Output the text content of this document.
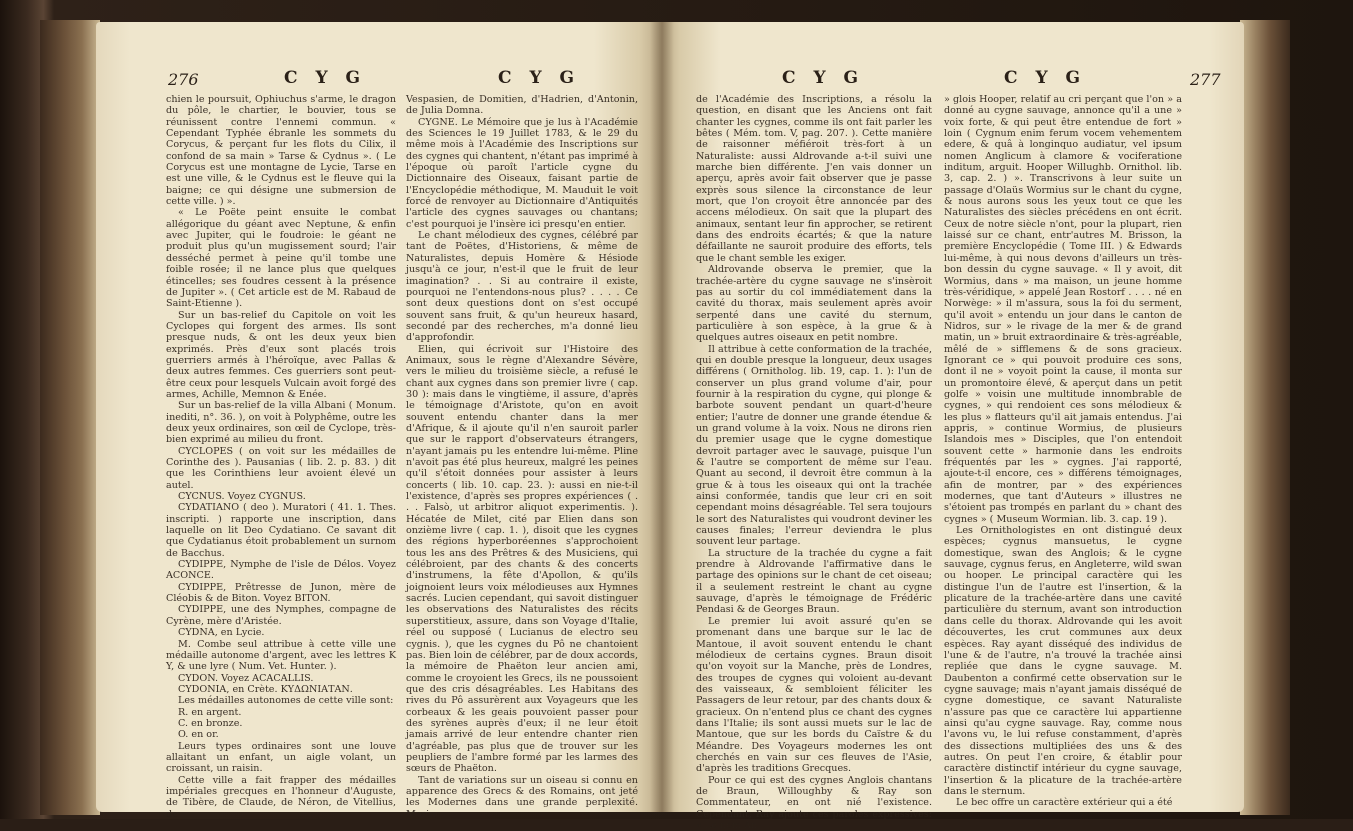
276	C Y G	C Y G

chien le poursuit, Ophiuchus s'arme, le dragon du pôle, le chartier, le bouvier, tous se réunissent contre l'ennemi commun. « Cependant Typhée ébranle les sommets du Corycus, & perçant fur les flots du Cilix, il confond de sa main » Tarse & Cydnus ». ( Le Corycus est une montagne de Lycie, Tarse en est une ville, & le Cydnus est le fleuve qui la baigne; ce qui désigne une submersion de cette ville. ) ».

« Le Poëte peint ensuite le combat allégorique du géant avec Neptune, & enfin avec Jupiter, qui le foudroie: le géant ne produit plus qu'un mugissement sourd; l'air desséché permet à peine qu'il tombe une foible rosée; il ne lance plus que quelques étincelles; ses foudres cessent à la présence de Jupiter ». ( Cet article est de M. Rabaud de Saint-Etienne ).

Sur un bas-relief du Capitole on voit les Cyclopes qui forgent des armes. Ils sont presque nuds, & ont les deux yeux bien exprimés. Près d'eux sont placés trois guerriers armés à l'héroïque, avec Pallas & deux autres femmes. Ces guerriers sont peut-être ceux pour lesquels Vulcain avoit forgé des armes, Achille, Memnon & Enée.

Sur un bas-relief de la villa Albani ( Monum. inediti, n°. 36. ), on voit à Polyphême, outre les deux yeux ordinaires, son œil de Cyclope, très-bien exprimé au milieu du front.

CYCLOPES ( on voit sur les médailles de Corinthe des ). Pausanias ( lib. 2. p. 83. ) dit que les Corinthiens leur avoient élevé un autel.

CYCNUS. Voyez CYGNUS.

CYDATIANO ( deo ). Muratori ( 41. 1. Thes. inscripti. ) rapporte une inscription, dans laquelle on lit Deo Cydatiano. Ce savant dit que Cydatianus étoit probablement un surnom de Bacchus.

CYDIPPE, Nymphe de l'isle de Délos. Voyez ACONCE.

CYDIPPE, Prêtresse de Junon, mère de Cléobis & de Biton. Voyez BITON.

CYDIPPE, une des Nymphes, compagne de Cyrène, mère d'Aristée.

CYDNA, en Lycie.

M. Combe seul attribue à cette ville une médaille autonome d'argent, avec les lettres K Y, & une lyre ( Num. Vet. Hunter. ).

CYDON. Voyez ACACALLIS.

CYDONIA, en Crète. ΚΥΔΩΝΙΑΤΑΝ.

Les médailles autonomes de cette ville sont:

R. en argent.

C. en bronze.

O. en or.

Leurs types ordinaires sont une louve allaitant un enfant, un aigle volant, un croissant, un raisin.

Cette ville a fait frapper des médailles impériales grecques en l'honneur d'Auguste, de Tibère, de Claude, de Néron, de Vitellius, de

Vespasien, de Domitien, d'Hadrien, d'Antonin, de Julia Domna.

CYGNE. Le Mémoire que je lus à l'Académie des Sciences le 19 Juillet 1783, & le 29 du même mois à l'Académie des Inscriptions sur des cygnes qui chantent, n'étant pas imprimé à l'époque où paroît l'article cygne du Dictionnaire des Oiseaux, faisant partie de l'Encyclopédie méthodique, M. Mauduit le voit forcé de renvoyer au Dictionnaire d'Antiquités l'article des cygnes sauvages ou chantans; c'est pourquoi je l'insère ici presqu'en entier.

Le chant mélodieux des cygnes, célébré par tant de Poëtes, d'Historiens, & même de Naturalistes, depuis Homère & Hésiode jusqu'à ce jour, n'est-il que le fruit de leur imagination? . . Si au contraire il existe, pourquoi ne l'entendons-nous plus? . . . . Ce sont deux questions dont on s'est occupé souvent sans fruit, & qu'un heureux hasard, secondé par des recherches, m'a donné lieu d'approfondir.

Elien, qui écrivoit sur l'Histoire des Animaux, sous le règne d'Alexandre Sévère, vers le milieu du troisième siècle, a refusé le chant aux cygnes dans son premier livre ( cap. 30 ): mais dans le vingtième, il assure, d'après le témoignage d'Aristote, qu'on en avoit souvent entendu chanter dans la mer d'Afrique, & il ajoute qu'il n'en sauroit parler que sur le rapport d'observateurs étrangers, n'ayant jamais pu les entendre lui-même. Pline n'avoit pas été plus heureux, malgré les peines qu'il s'étoit données pour assister à leurs concerts ( lib. 10. cap. 23. ): aussi en nie-t-il l'existence, d'après ses propres expériences ( . . . Falsò, ut arbitror aliquot experimentis. ). Hécatée de Milet, cité par Elien dans son onzième livre ( cap. 1. ), disoit que les cygnes des régions hyperboréennes s'approchoient tous les ans des Prêtres & des Musiciens, qui célébroient, par des chants & des concerts d'instrumens, la fête d'Apollon, & qu'ils joignoient leurs voix mélodieuses aux Hymnes sacrés. Lucien cependant, qui savoit distinguer les observations des Naturalistes des récits superstitieux, assure, dans son Voyage d'Italie, réel ou supposé ( Lucianus de electro seu cygnis. ), que les cygnes du Pô ne chantoient pas. Bien loin de célébrer, par de doux accords, la mémoire de Phaëton leur ancien ami, comme le croyoient les Grecs, ils ne poussoient que des cris désagréables. Les Habitans des rives du Pô assurèrent aux Voyageurs que les corbeaux & les geais pouvoient passer pour des syrènes auprès d'eux; il ne leur étoit jamais arrivé de leur entendre chanter rien d'agréable, pas plus que de trouver sur les peupliers de l'ambre formé par les larmes des sœurs de Phaëton.

Tant de variations sur un oiseau si connu en apparence des Grecs & des Romains, ont jeté les Modernes dans une grande perplexité. Morin,

C Y G	C Y G	277

de l'Académie des Inscriptions, a résolu la question, en disant que les Anciens ont fait chanter les cygnes, comme ils ont fait parler les bêtes ( Mém. tom. V, pag. 207. ). Cette manière de raisonner méfiéroit très-fort à un Naturaliste: aussi Aldrovande a-t-il suivi une marche bien différente. J'en vais donner un aperçu, après avoir fait observer que je passe exprès sous silence la circonstance de leur mort, que l'on croyoit être annoncée par des accens mélodieux. On sait que la plupart des animaux, sentant leur fin approcher, se retirent dans des endroits écartés; & que la nature défaillante ne sauroit produire des efforts, tels que le chant semble les exiger.

Aldrovande observa le premier, que la trachée-artère du cygne sauvage ne s'insèroit pas au sortir du col immédiatement dans la cavité du thorax, mais seulement après avoir serpenté dans une cavité du sternum, particulière à son espèce, à la grue & à quelques autres oiseaux en petit nombre.

Il attribue à cette conformation de la trachée, qui en double presque la longueur, deux usages différens ( Ornitholog. lib. 19, cap. 1. ): l'un de conserver un plus grand volume d'air, pour fournir à la respiration du cygne, qui plonge & barbote souvent pendant un quart-d'heure entier; l'autre de donner une grande étendue & un grand volume à la voix. Nous ne dirons rien du premier usage que le cygne domestique devroit partager avec le sauvage, puisque l'un & l'autre se comportent de même sur l'eau. Quant au second, il devroit être commun à la grue & à tous les oiseaux qui ont la trachée ainsi conformée, tandis que leur cri en soit cependant moins désagréable. Tel sera toujours le sort des Naturalistes qui voudront deviner les causes finales; l'erreur deviendra le plus souvent leur partage.

La structure de la trachée du cygne a fait prendre à Aldrovande l'affirmative dans le partage des opinions sur le chant de cet oiseau; il a seulement restreint le chant au cygne sauvage, d'après le témoignage de Frédéric Pendasi & de Georges Braun.

Le premier lui avoit assuré qu'en se promenant dans une barque sur le lac de Mantoue, il avoit souvent entendu le chant mélodieux de certains cygnes. Braun disoit qu'on voyoit sur la Manche, près de Londres, des troupes de cygnes qui voloient au-devant des vaisseaux, & sembloient féliciter les Passagers de leur retour, par des chants doux & gracieux. On n'entend plus ce chant des cygnes dans l'Italie; ils sont aussi muets sur le lac de Mantoue, que sur les bords du Caïstre & du Méandre. Des Voyageurs modernes les ont cherchés en vain sur ces fleuves de l'Asie, d'après les traditions Grecques.

Pour ce qui est des cygnes Anglois chantans de Braun, Willoughby & Ray son Commentateur, en ont nié l'existence. Cependant, Ray ajoute ces paroles expressives: « Le nom An-

» glois Hooper, relatif au cri perçant que l'on » a donné au cygne sauvage, annonce qu'il a une » voix forte, & qui peut être entendue de fort » loin ( Cygnum enim ferum vocem vehementem edere, & quâ à longinquo audiatur, vel ipsum nomen Anglicum à clamore & vociferatione inditum, arguit. Hooper Willughb. Ornithol. lib. 3, cap. 2. ) ». Transcrivons à leur suite un passage d'Olaüs Wormius sur le chant du cygne, & nous aurons sous les yeux tout ce que les Naturalistes des siècles précédens en ont écrit. Ceux de notre siècle n'ont, pour la plupart, rien laissé sur ce chant, entr'autres M. Brisson, la première Encyclopédie ( Tome III. ) & Edwards lui-même, à qui nous devons d'ailleurs un très-bon dessin du cygne sauvage. « Il y avoit, dit Wormius, dans » ma maison, un jeune homme très-véridique, » appelé Jean Rostorf . . . . né en Norwège: » il m'assura, sous la foi du serment, qu'il avoit » entendu un jour dans le canton de Nidros, sur » le rivage de la mer & de grand matin, un » bruit extraordinaire & très-agréable, mêlé de » sifflemens & de sons gracieux. Ignorant ce » qui pouvoit produire ces sons, dont il ne » voyoit point la cause, il monta sur un promontoire élevé, & aperçut dans un petit golfe » voisin une multitude innombrable de cygnes, » qui rendoient ces sons mélodieux & les plus » flatteurs qu'il ait jamais entendus. J'ai appris, » continue Wormius, de plusieurs Islandois mes » Disciples, que l'on entendoit souvent cette » harmonie dans les endroits fréquentés par les » cygnes. J'ai rapporté, ajoute-t-il encore, ces » différens témoignages, afin de montrer, par » des expériences modernes, que tant d'Auteurs » illustres ne s'étoient pas trompés en parlant du » chant des cygnes » ( Museum Wormian. lib. 3. cap. 19 ).

Les Ornithologistes en ont distingué deux espèces; cygnus mansuetus, le cygne domestique, swan des Anglois; & le cygne sauvage, cygnus ferus, en Angleterre, wild swan ou hooper. Le principal caractère qui les distingue l'un de l'autre est l'insertion, & la plicature de la trachée-artère dans une cavité particulière du sternum, avant son introduction dans celle du thorax. Aldrovande qui les avoit découvertes, les crut communes aux deux espèces. Ray ayant disséqué des individus de l'une & de l'autre, n'a trouvé la trachée ainsi repliée que dans le cygne sauvage. M. Daubenton a confirmé cette observation sur le cygne sauvage; mais n'ayant jamais disséqué de cygne domestique, ce savant Naturaliste n'assure pas que ce caractère lui appartienne ainsi qu'au cygne sauvage. Ray, comme nous l'avons vu, le lui refuse constamment, d'après des dissections multipliées des uns & des autres. On peut l'en croire, & établir pour caractère distinctif intérieur du cygne sauvage, l'insertion & la plicature de la trachée-artère dans le sternum.

Le bec offre un caractère extérieur qui a été
